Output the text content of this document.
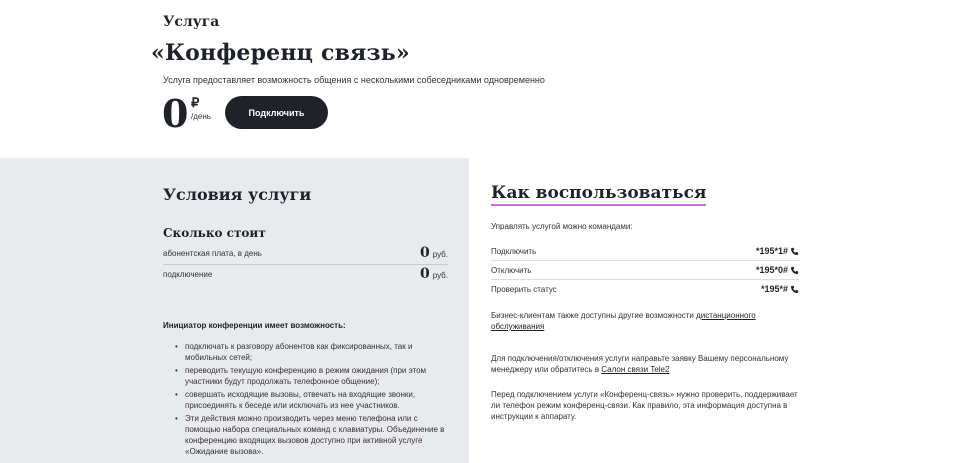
Услуга
«Конференц связь»
Услуга предоставляет возможность общения с несколькими собеседниками одновременно
0 ₽
/день	Подключить
Условия услуги
Сколько стоит
абонентская плата, в день	0 руб.
подключение	0 руб.
Инициатор конференции имеет возможность:
• подключать к разговору абонентов как фиксированных, так и мобильных сетей;
• переводить текущую конференцию в режим ожидания (при этом участники будут продолжать телефонное общение);
• совершать исходящие вызовы, отвечать на входящие звонки, присоединять к беседе или исключать из нее участников.
• Эти действия можно производить через меню телефона или с помощью набора специальных команд с клавиатуры. Объединение в конференцию входящих вызовов доступно при активной услуге «Ожидание вызова».
Как воспользоваться
Управлять услугой можно командами:
Подключить	*195*1#
Отключить	*195*0#
Проверить статус	*195*#
Бизнес-клиентам также доступны другие возможности дистанционного обслуживания
Для подключения/отключения услуги направьте заявку Вашему персональному менеджеру или обратитесь в Салон связи Tele2
Перед подключением услуги «Конференц-связь» нужно проверить, поддерживает ли телефон режим конференц-связи. Как правило, эта информация доступна в инструкции к аппарату.
